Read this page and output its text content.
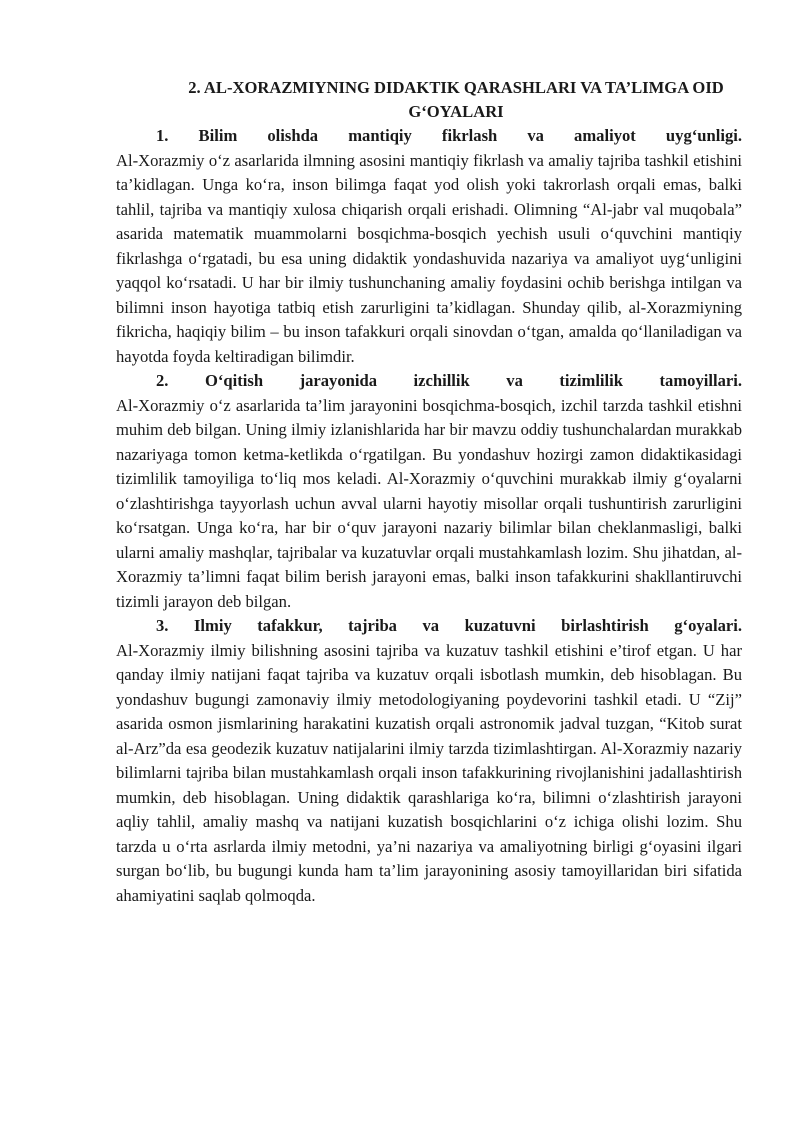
2. AL-XORAZMIYNING DIDAKTIK QARASHLARI VA TA’LIMGA OID G‘OYALARI

1. Bilim olishda mantiqiy fikrlash va amaliyot uyg‘unligi.
Al-Xorazmiy o‘z asarlarida ilmning asosini mantiqiy fikrlash va amaliy tajriba tashkil etishini ta’kidlagan. Unga ko‘ra, inson bilimga faqat yod olish yoki takrorlash orqali emas, balki tahlil, tajriba va mantiqiy xulosa chiqarish orqali erishadi. Olimning “Al-jabr val muqobala” asarida matematik muammolarni bosqichma-bosqich yechish usuli o‘quvchini mantiqiy fikrlashga o‘rgatadi, bu esa uning didaktik yondashuvida nazariya va amaliyot uyg‘unligini yaqqol ko‘rsatadi. U har bir ilmiy tushunchaning amaliy foydasini ochib berishga intilgan va bilimni inson hayotiga tatbiq etish zarurligini ta’kidlagan. Shunday qilib, al-Xorazmiyning fikricha, haqiqiy bilim – bu inson tafakkuri orqali sinovdan o‘tgan, amalda qo‘llaniladigan va hayotda foyda keltiradigan bilimdir.
2. O‘qitish jarayonida izchillik va tizimlilik tamoyillari.
Al-Xorazmiy o‘z asarlarida ta’lim jarayonini bosqichma-bosqich, izchil tarzda tashkil etishni muhim deb bilgan. Uning ilmiy izlanishlarida har bir mavzu oddiy tushunchalardan murakkab nazariyaga tomon ketma-ketlikda o‘rgatilgan. Bu yondashuv hozirgi zamon didaktikasidagi tizimlilik tamoyiliga to‘liq mos keladi. Al-Xorazmiy o‘quvchini murakkab ilmiy g‘oyalarni o‘zlashtirishga tayyorlash uchun avval ularni hayotiy misollar orqali tushuntirish zarurligini ko‘rsatgan. Unga ko‘ra, har bir o‘quv jarayoni nazariy bilimlar bilan cheklanmasligi, balki ularni amaliy mashqlar, tajribalar va kuzatuvlar orqali mustahkamlash lozim. Shu jihatdan, al-Xorazmiy ta’limni faqat bilim berish jarayoni emas, balki inson tafakkurini shakllantiruvchi tizimli jarayon deb bilgan.
3. Ilmiy tafakkur, tajriba va kuzatuvni birlashtirish g‘oyalari.
Al-Xorazmiy ilmiy bilishning asosini tajriba va kuzatuv tashkil etishini e’tirof etgan. U har qanday ilmiy natijani faqat tajriba va kuzatuv orqali isbotlash mumkin, deb hisoblagan. Bu yondashuv bugungi zamonaviy ilmiy metodologiyaning poydevorini tashkil etadi. U “Zij” asarida osmon jismlarining harakatini kuzatish orqali astronomik jadval tuzgan, “Kitob surat al-Arz”da esa geodezik kuzatuv natijalarini ilmiy tarzda tizimlashtirgan. Al-Xorazmiy nazariy bilimlarni tajriba bilan mustahkamlash orqali inson tafakkurining rivojlanishini jadallashtirish mumkin, deb hisoblagan. Uning didaktik qarashlariga ko‘ra, bilimni o‘zlashtirish jarayoni aqliy tahlil, amaliy mashq va natijani kuzatish bosqichlarini o‘z ichiga olishi lozim. Shu tarzda u o‘rta asrlarda ilmiy metodni, ya’ni nazariya va amaliyotning birligi g‘oyasini ilgari surgan bo‘lib, bu bugungi kunda ham ta’lim jarayonining asosiy tamoyillaridan biri sifatida ahamiyatini saqlab qolmoqda.
